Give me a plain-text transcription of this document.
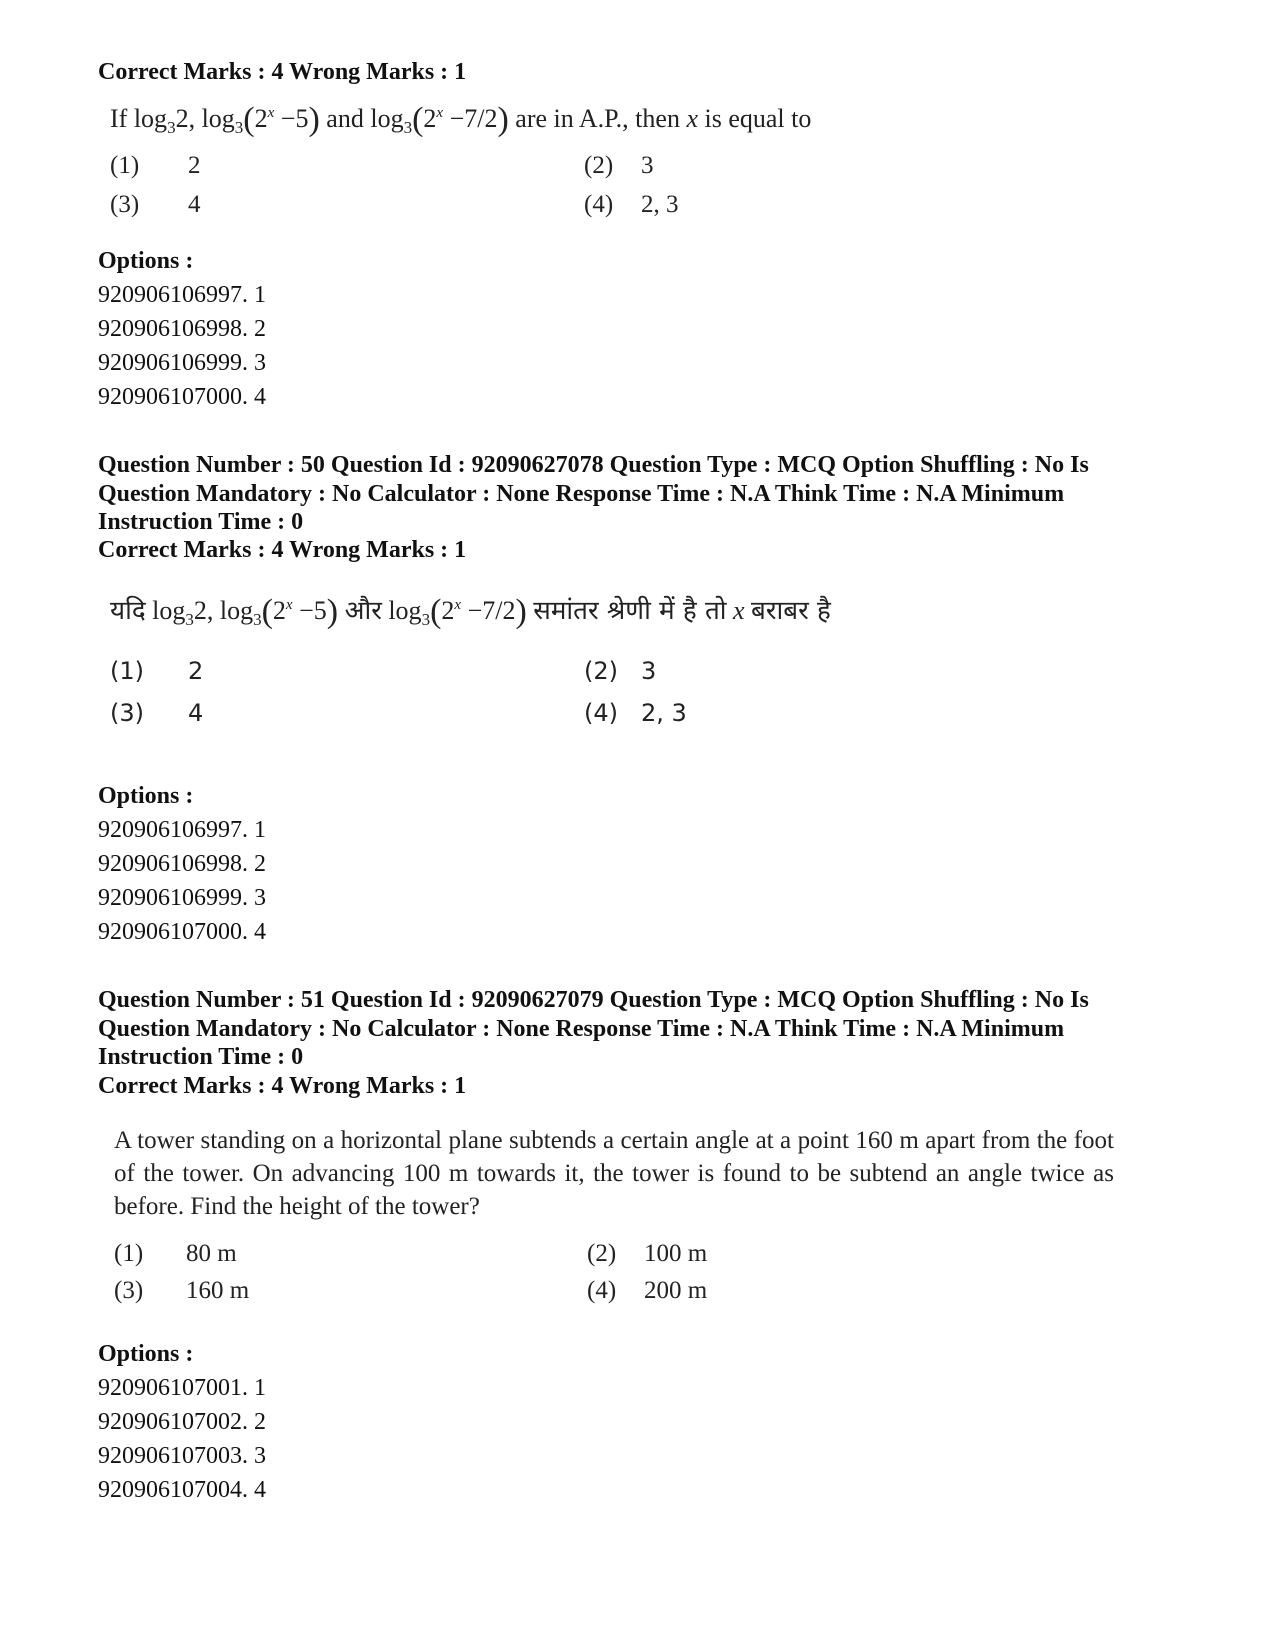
Correct Marks : 4 Wrong Marks : 1
If $\log_32$, $\log_3(2^x -5)$ and $\log_3(2^x -7/2)$ are in A.P., then x is equal to
(1) 2	(2) 3
(3) 4	(4) 2, 3
Options :
920906106997. 1
920906106998. 2
920906106999. 3
920906107000. 4
Question Number : 50 Question Id : 92090627078 Question Type : MCQ Option Shuffling : No Is
Question Mandatory : No Calculator : None Response Time : N.A Think Time : N.A Minimum
Instruction Time : 0
Correct Marks : 4 Wrong Marks : 1
यदि $\log_32$, $\log_3(2^x -5)$ और $\log_3(2^x -7/2)$ समांतर श्रेणी में है तो x बराबर है
(1) 2	(2) 3
(3) 4	(4) 2, 3
Options :
920906106997. 1
920906106998. 2
920906106999. 3
920906107000. 4
Question Number : 51 Question Id : 92090627079 Question Type : MCQ Option Shuffling : No Is
Question Mandatory : No Calculator : None Response Time : N.A Think Time : N.A Minimum
Instruction Time : 0
Correct Marks : 4 Wrong Marks : 1
A tower standing on a horizontal plane subtends a certain angle at a point 160 m apart from the foot of the tower. On advancing 100 m towards it, the tower is found to be subtend an angle twice as before. Find the height of the tower?
(1) 80 m	(2) 100 m
(3) 160 m	(4) 200 m
Options :
920906107001. 1
920906107002. 2
920906107003. 3
920906107004. 4
